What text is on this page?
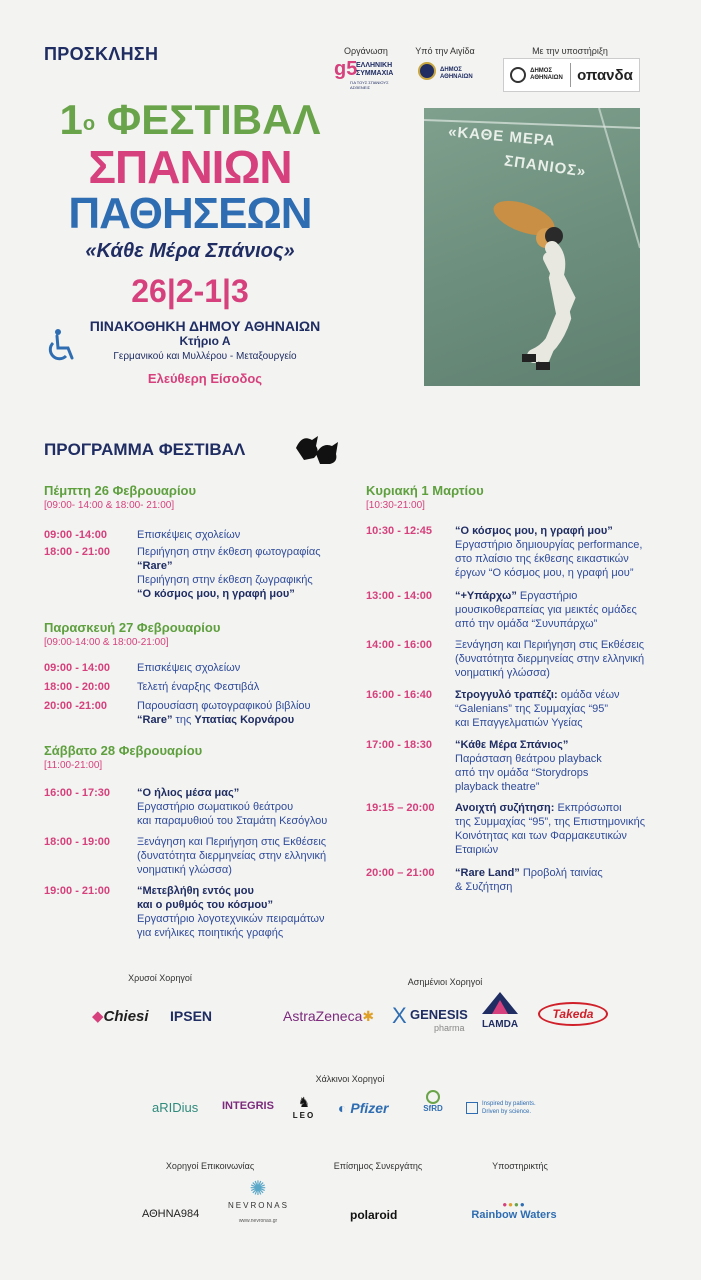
ΠΡΟΣΚΛΗΣΗ	Οργάνωση
g5
ΕΛΛΗΝΙΚΗ ΣΥΜΜΑΧΙΑ
ΓΙΑ ΤΟΥΣ ΣΠΑΝΙΟΥΣ ΑΣΘΕΝΕΙΣ
Υπό την Αιγίδα
ΔΗΜΟΣ ΑΘΗΝΑΙΩΝ
Με την υποστήριξη
ΔΗΜΟΣ ΑΘΗΝΑΙΩΝ οπανδα
$1^o$ ΦΕΣΤΙΒΑΛ
ΣΠΑΝΙΩΝ
ΠΑΘΗΣΕΩΝ
«Κάθε Μέρα Σπάνιος»
26|2-1|3
ΠΙΝΑΚΟΘΗΚΗ ΔΗΜΟΥ ΑΘΗΝΑΙΩΝ
Κτήριο Α
Γερμανικού και Μυλλέρου - Μεταξουργείο
Ελεύθερη Είσοδος
«ΚΑΘΕ ΜΕΡΑ
ΣΠΑΝΙΟΣ»
ΠΡΟΓΡΑΜΜΑ ΦΕΣΤΙΒΑΛ
Πέμπτη 26 Φεβρουαρίου
[09:00- 14:00 & 18:00- 21:00]
09:00 -14:00	Επισκέψεις σχολείων
18:00 - 21:00 Περιήγηση στην έκθεση φωτογραφίας
“Rare”
Περιήγηση στην έκθεση ζωγραφικής
“Ο κόσμος μου, η γραφή μου”
Παρασκευή 27 Φεβρουαρίου
[09:00-14:00 & 18:00-21:00]
09:00 - 14:00 Επισκέψεις σχολείων
18:00 - 20:00 Τελετή έναρξης Φεστιβάλ
20:00 -21:00	Παρουσίαση φωτογραφικού βιβλίου
“Rare” της Υπατίας Κορνάρου
Σάββατο 28 Φεβρουαρίου
[11:00-21:00]
16:00 - 17:30 “Ο ήλιος μέσα μας”
Εργαστήριο σωματικού θεάτρου
και παραμυθιού του Σταμάτη Κεσόγλου
18:00 - 19:00 Ξενάγηση και Περιήγηση στις Εκθέσεις
(δυνατότητα διερμηνείας στην ελληνική
νοηματική γλώσσα)
19:00 - 21:00 “Μετεβλήθη εντός μου
και ο ρυθμός του κόσμου”
Εργαστήριο λογοτεχνικών πειραμάτων
για ενήλικες ποιητικής γραφής
Κυριακή 1 Μαρτίου
[10:30-21:00]
10:30 - 12:45 “Ο κόσμος μου, η γραφή μου”
Εργαστήριο δημιουργίας performance,
στο πλαίσιο της έκθεσης εικαστικών
έργων “Ο κόσμος μου, η γραφή μου”
13:00 - 14:00 “+Υπάρχω” Εργαστήριο
μουσικοθεραπείας για μεικτές ομάδες
από την ομάδα “Συνυπάρχω”
14:00 - 16:00 Ξενάγηση και Περιήγηση στις Εκθέσεις
(δυνατότητα διερμηνείας στην ελληνική
νοηματική γλώσσα)
16:00 - 16:40 Στρογγυλό τραπέζι: ομάδα νέων
“Galenians” της Συμμαχίας “95”
και Επαγγελματιών Υγείας
17:00 - 18:30 “Κάθε Μέρα Σπάνιος”
Παράσταση θεάτρου playback
από την ομάδα “Storydrops
playback theatre”
19:15 – 20:00 Ανοιχτή συζήτηση: Εκπρόσωποι
της Συμμαχίας “95”, της Επιστημονικής
Κοινότητας και των Φαρμακευτικών
Εταιριών
20:00 – 21:00 “Rare Land” Προβολή ταινίας
& Συζήτηση
Χρυσοί Χορηγοί	Ασημένιοι Χορηγοί
◆Chiesi IPSEN	AstraZeneca✱ X GENESIS
pharma	LAMDA
Takeda
Χάλκινοι Χορηγοί
aRIDius INTEGRIS	♞
LEO	◐ Pfizer	SfRD	Inspired by patients.
Driven by science.
Χορηγοί Επικοινωνίας	Επίσημος Συνεργάτης	Υποστηρικτής
ΑΘΗΝΑ984
✺
NEVRONAS
www.nevronas.gr	polaroid
●●●●
Rainbow Waters
